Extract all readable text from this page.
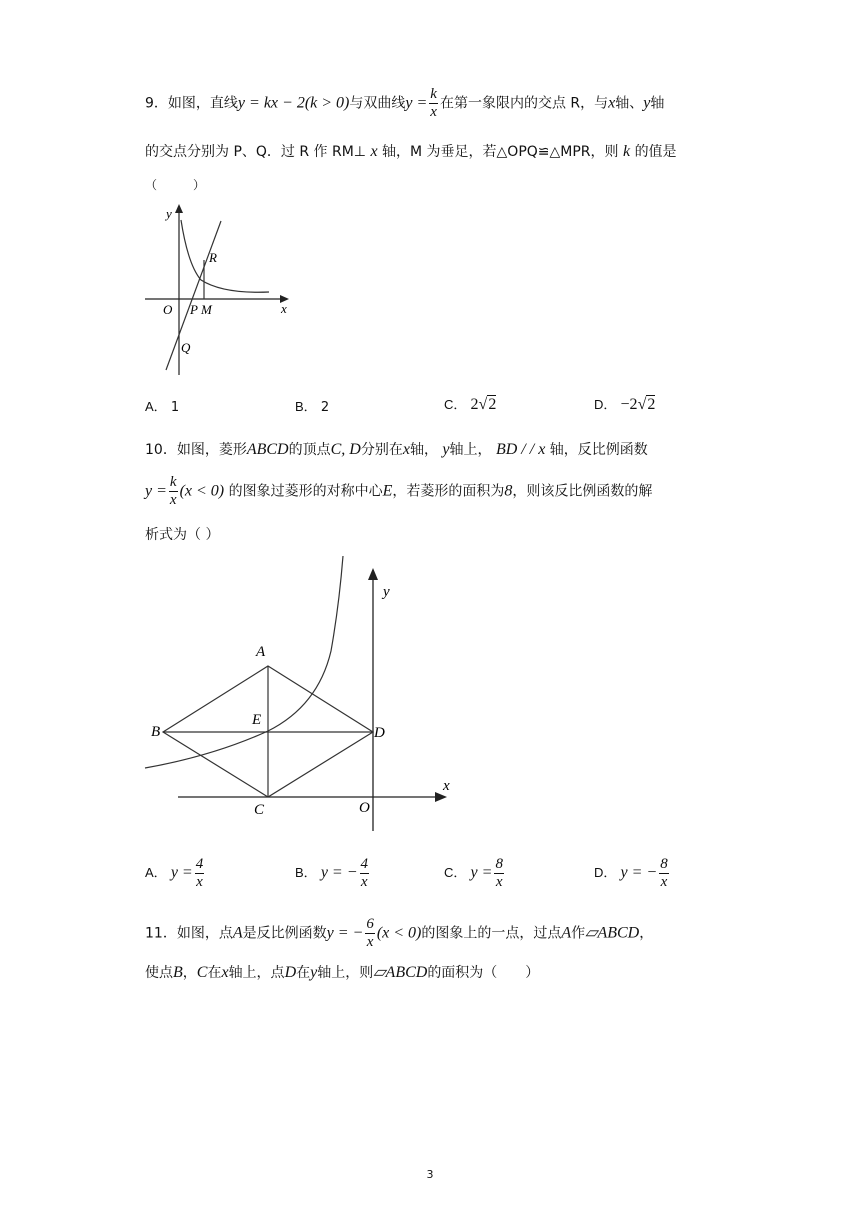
9．如图，直线y = kx − 2(k > 0)与双曲线$y = \frac{k}{x}$ 在第一象限内的交点 R，与x轴、y轴
的交点分别为 P、Q．过 R 作 RM⊥ x 轴，M 为垂足，若△OPQ≌△MPR，则 k 的值是
（　　　）
y
x
O P M
Q
R
A． 1	B． 2	C． 2√2	D． −2√2
10．如图，菱形ABCD的顶点C, D分别在x轴， y轴上， BD / / x 轴，反比例函数
$y = \frac{k}{x} (x < 0)$ 的图象过菱形的对称中心E，若菱形的面积为8，则该反比例函数的解
析式为（ ）
y
x
O
A
B
C
D
E
A． $y = \frac{4}{x}$	B． y = − $\frac{4}{x}$	C． $y = \frac{8}{x}$	D． y = − $\frac{8}{x}$
11．如图，点A是反比例函数y = − $\frac{6}{x} (x < 0)$的图象上的一点，过点A作▱ABCD，
使点B，C在x轴上，点D在y轴上，则▱ABCD的面积为（　　）
3
